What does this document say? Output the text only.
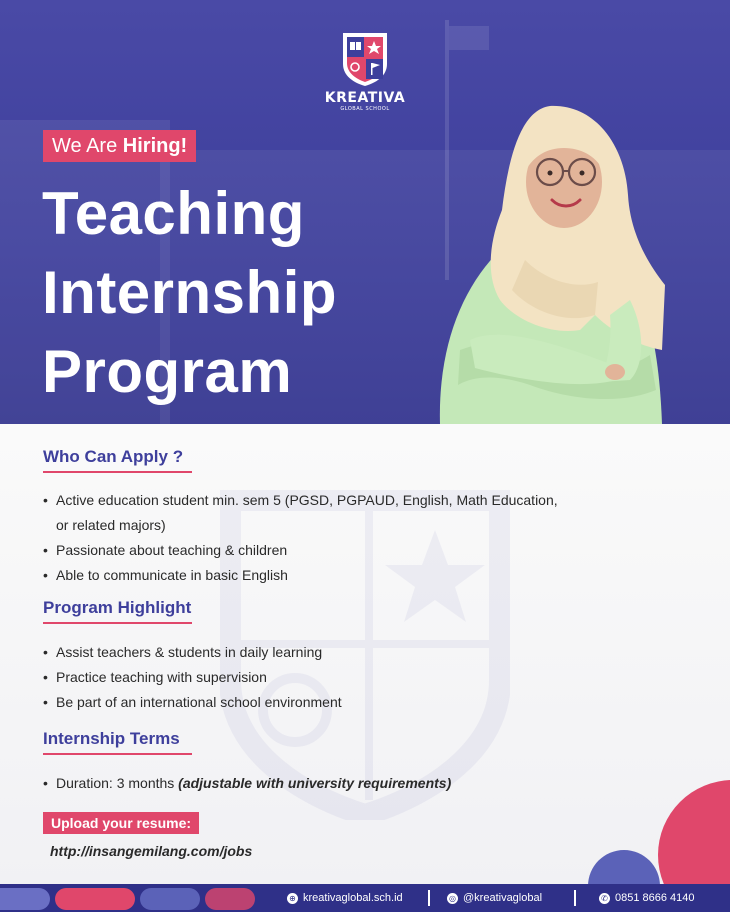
KREATIVA
GLOBAL SCHOOL
We Are Hiring!
Teaching
Internship
Program
Who Can Apply ?
• Active education student min. sem 5 (PGSD, PGPAUD, English, Math Education,
or related majors)
• Passionate about teaching & children
• Able to communicate in basic English
Program Highlight
• Assist teachers & students in daily learning
• Practice teaching with supervision
• Be part of an international school environment
Internship Terms
• Duration: 3 months (adjustable with university requirements)
Upload your resume:
http://insangemilang.com/jobs
⊕ kreativaglobal.sch.id	◎ @kreativaglobal	✆ 0851 8666 4140
